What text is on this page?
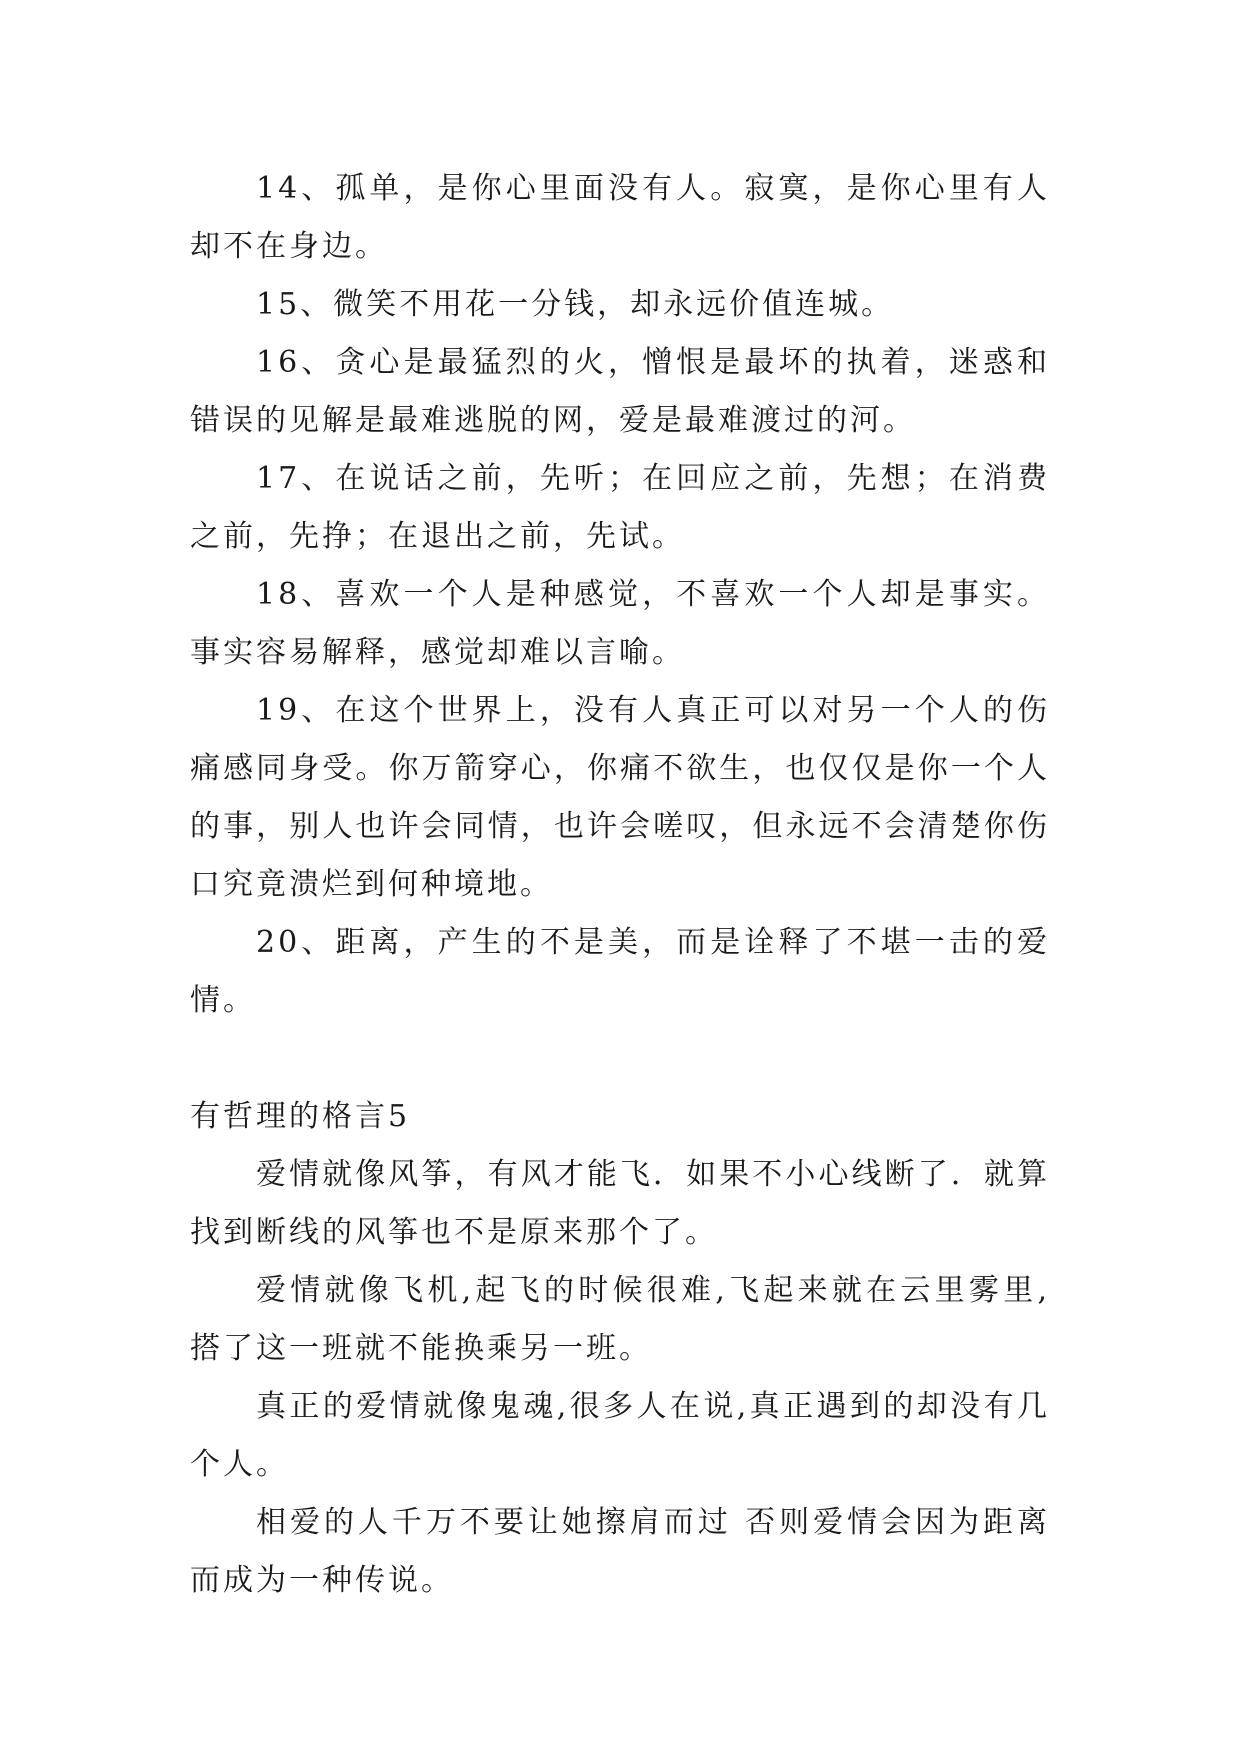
14、孤单，是你心里面没有人。寂寞，是你心里有人却不在身边。

15、微笑不用花一分钱，却永远价值连城。

16、贪心是最猛烈的火，憎恨是最坏的执着，迷惑和错误的见解是最难逃脱的网，爱是最难渡过的河。

17、在说话之前，先听；在回应之前，先想；在消费之前，先挣；在退出之前，先试。

18、喜欢一个人是种感觉，不喜欢一个人却是事实。事实容易解释，感觉却难以言喻。

19、在这个世界上，没有人真正可以对另一个人的伤痛感同身受。你万箭穿心，你痛不欲生，也仅仅是你一个人的事，别人也许会同情，也许会嗟叹，但永远不会清楚你伤口究竟溃烂到何种境地。

20、距离，产生的不是美，而是诠释了不堪一击的爱情。

有哲理的格言5

爱情就像风筝，有风才能飞．如果不小心线断了．就算找到断线的风筝也不是原来那个了。

爱情就像飞机,起飞的时候很难,飞起来就在云里雾里,搭了这一班就不能换乘另一班。

真正的爱情就像鬼魂,很多人在说,真正遇到的却没有几个人。

相爱的人千万不要让她擦肩而过 否则爱情会因为距离而成为一种传说。
